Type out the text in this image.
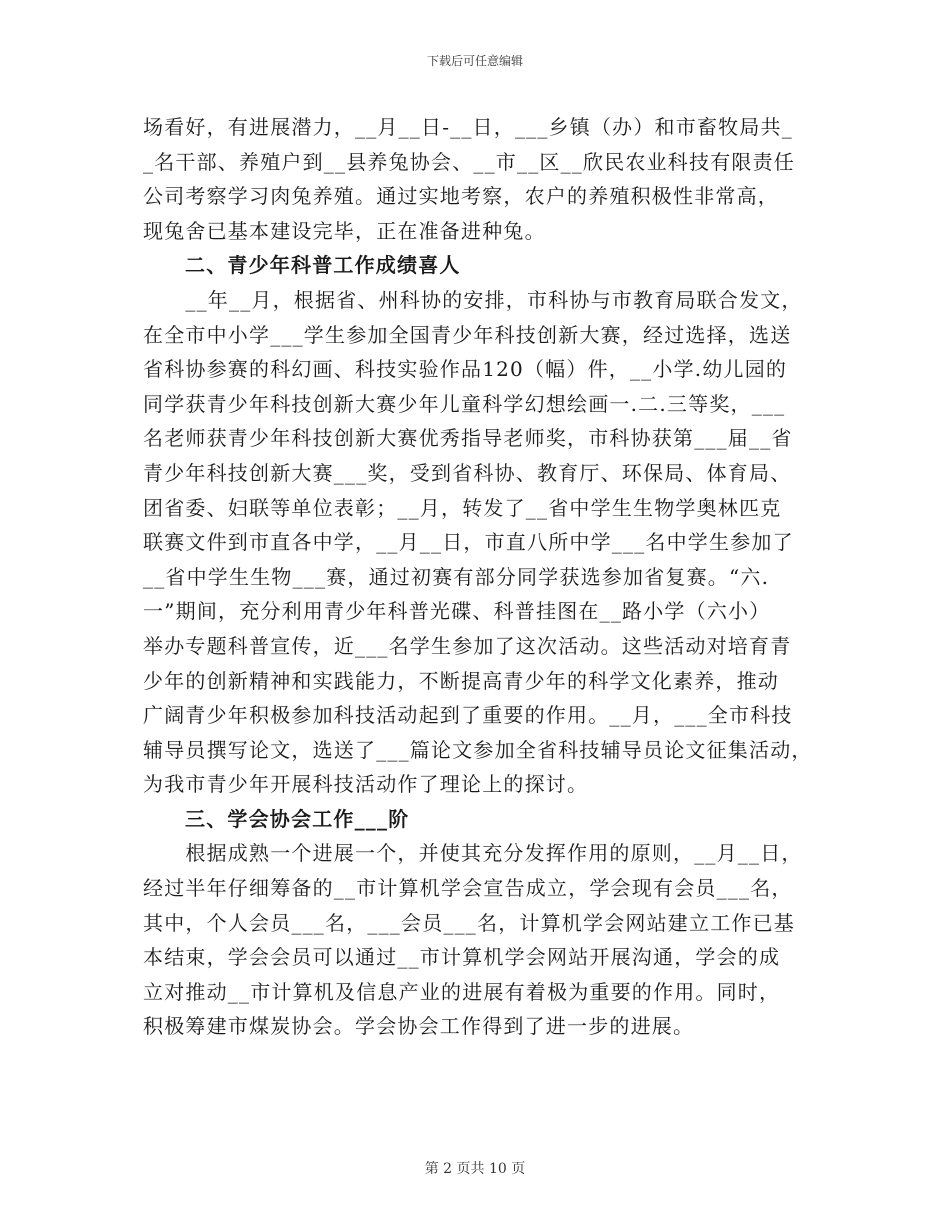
下载后可任意编辑
场看好，有进展潜力，__月__日-__日，___乡镇（办）和市畜牧局共_
_名干部、养殖户到__县养兔协会、__市__区__欣民农业科技有限责任
公司考察学习肉兔养殖。通过实地考察，农户的养殖积极性非常高，
现兔舍已基本建设完毕，正在准备进种兔。
二、青少年科普工作成绩喜人
　　__年__月，根据省、州科协的安排，市科协与市教育局联合发文，
在全市中小学___学生参加全国青少年科技创新大赛，经过选择，选送
省科协参赛的科幻画、科技实验作品120（幅）件，__小学.幼儿园的
同学获青少年科技创新大赛少年儿童科学幻想绘画一.二.三等奖，___
名老师获青少年科技创新大赛优秀指导老师奖，市科协获第___届__省
青少年科技创新大赛___奖，受到省科协、教育厅、环保局、体育局、
团省委、妇联等单位表彰；__月，转发了__省中学生生物学奥林匹克
联赛文件到市直各中学，__月__日，市直八所中学___名中学生参加了
__省中学生生物___赛，通过初赛有部分同学获选参加省复赛。“六.
一”期间，充分利用青少年科普光碟、科普挂图在__路小学（六小）
举办专题科普宣传，近___名学生参加了这次活动。这些活动对培育青
少年的创新精神和实践能力，不断提高青少年的科学文化素养，推动
广阔青少年积极参加科技活动起到了重要的作用。__月，___全市科技
辅导员撰写论文，选送了___篇论文参加全省科技辅导员论文征集活动，
为我市青少年开展科技活动作了理论上的探讨。
三、学会协会工作___阶
　　根据成熟一个进展一个，并使其充分发挥作用的原则，__月__日，
经过半年仔细筹备的__市计算机学会宣告成立，学会现有会员___名，
其中，个人会员___名，___会员___名，计算机学会网站建立工作已基
本结束，学会会员可以通过__市计算机学会网站开展沟通，学会的成
立对推动__市计算机及信息产业的进展有着极为重要的作用。同时，
积极筹建市煤炭协会。学会协会工作得到了进一步的进展。
第 2 页共 10 页
